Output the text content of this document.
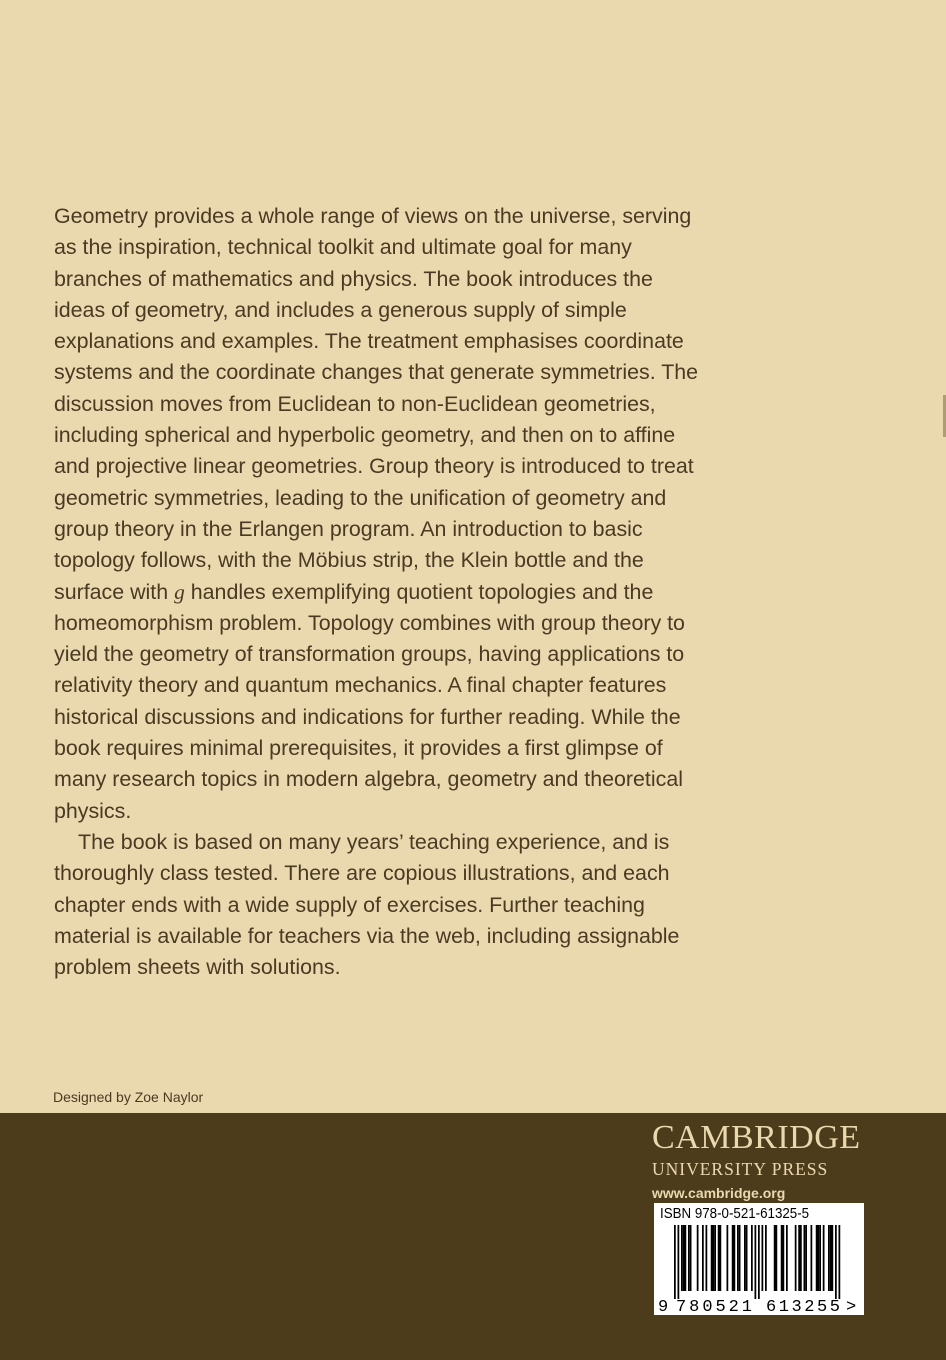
Geometry provides a whole range of views on the universe, serving as the inspiration, technical toolkit and ultimate goal for many branches of mathematics and physics. The book introduces the ideas of geometry, and includes a generous supply of simple explanations and examples. The treatment emphasises coordinate systems and the coordinate changes that generate symmetries. The discussion moves from Euclidean to non-Euclidean geometries, including spherical and hyperbolic geometry, and then on to affine and projective linear geometries. Group theory is introduced to treat geometric symmetries, leading to the unification of geometry and group theory in the Erlangen program. An introduction to basic topology follows, with the Möbius strip, the Klein bottle and the surface with g handles exemplifying quotient topologies and the homeomorphism problem. Topology combines with group theory to yield the geometry of transformation groups, having applications to relativity theory and quantum mechanics. A final chapter features historical discussions and indications for further reading. While the book requires minimal prerequisites, it provides a first glimpse of many research topics in modern algebra, geometry and theoretical physics.

The book is based on many years’ teaching experience, and is thoroughly class tested. There are copious illustrations, and each chapter ends with a wide supply of exercises. Further teaching material is available for teachers via the web, including assignable problem sheets with solutions.

Designed by Zoe Naylor
CAMBRIDGE
UNIVERSITY PRESS
www.cambridge.org
ISBN 978-0-521-61325-5
9 780521 613255 >
